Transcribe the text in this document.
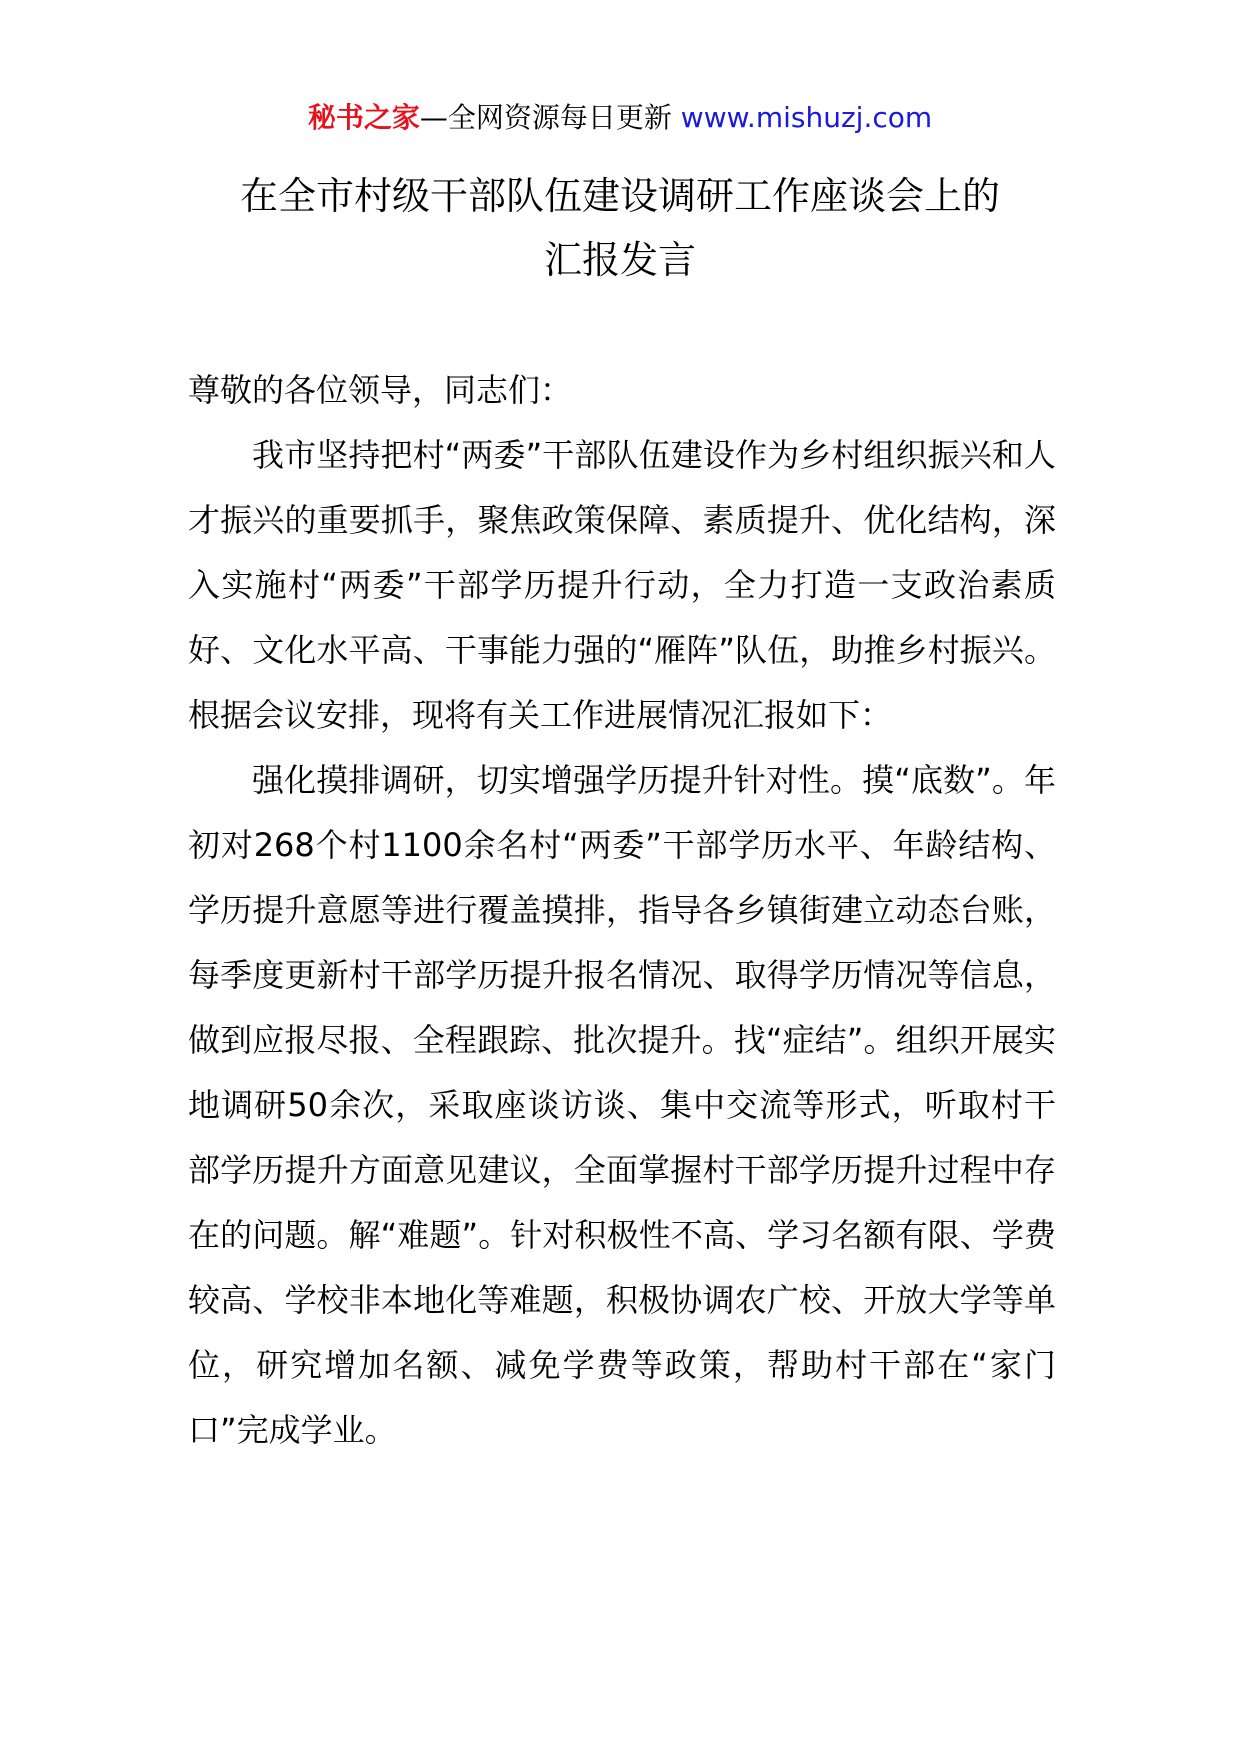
秘书之家—全网资源每日更新 www.mishuzj.com
在全市村级干部队伍建设调研工作座谈会上的
汇报发言

尊敬的各位领导，同志们：

我市坚持把村“两委”干部队伍建设作为乡村组织振兴和人才振兴的重要抓手，聚焦政策保障、素质提升、优化结构，深入实施村“两委”干部学历提升行动，全力打造一支政治素质好、文化水平高、干事能力强的“雁阵”队伍，助推乡村振兴。根据会议安排，现将有关工作进展情况汇报如下：

强化摸排调研，切实增强学历提升针对性。摸“底数”。年初对268个村1100余名村“两委”干部学历水平、年龄结构、学历提升意愿等进行覆盖摸排，指导各乡镇街建立动态台账，每季度更新村干部学历提升报名情况、取得学历情况等信息，做到应报尽报、全程跟踪、批次提升。找“症结”。组织开展实地调研50余次，采取座谈访谈、集中交流等形式，听取村干部学历提升方面意见建议，全面掌握村干部学历提升过程中存在的问题。解“难题”。针对积极性不高、学习名额有限、学费较高、学校非本地化等难题，积极协调农广校、开放大学等单位，研究增加名额、减免学费等政策，帮助村干部在“家门口”完成学业。
